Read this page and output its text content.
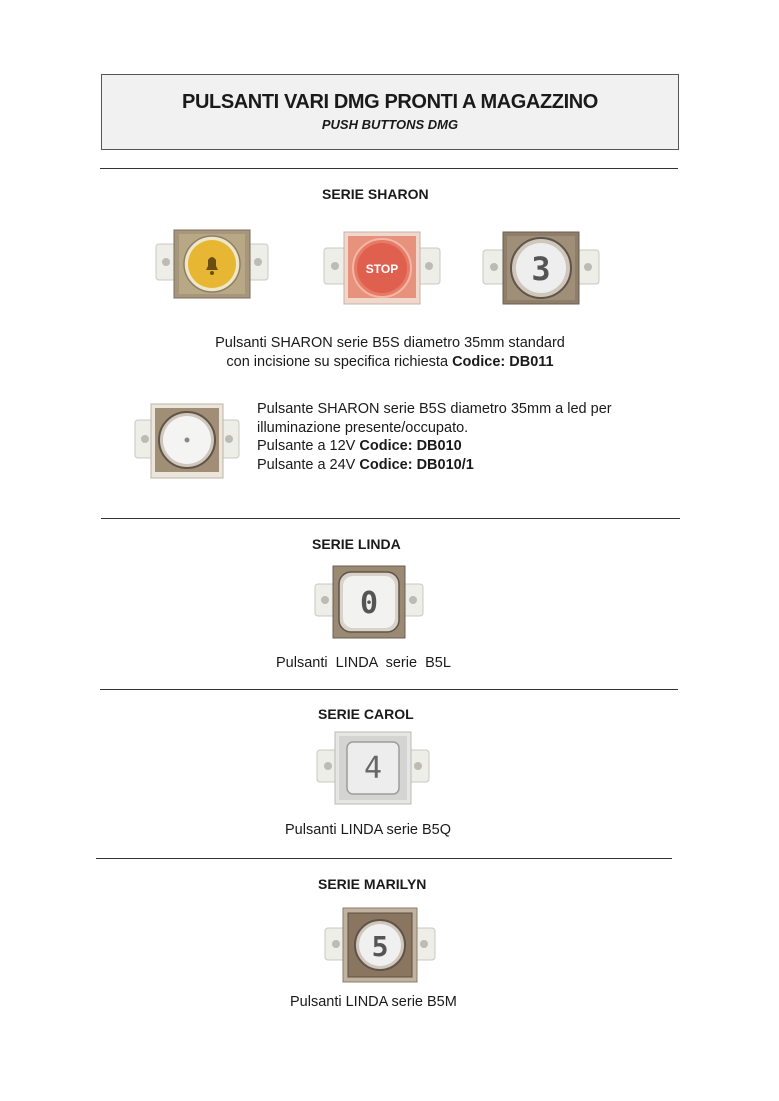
PULSANTI VARI DMG PRONTI A MAGAZZINO
PUSH BUTTONS DMG
SERIE SHARON
STOP	3
Pulsanti SHARON serie B5S diametro 35mm standard
con incisione su specifica richiesta Codice: DB011
Pulsante SHARON serie B5S diametro 35mm a led per
illuminazione presente/occupato.
Pulsante a 12V Codice: DB010
Pulsante a 24V Codice: DB010/1
SERIE LINDA
0
Pulsanti  LINDA  serie  B5L
SERIE CAROL
4
Pulsanti LINDA serie B5Q
SERIE MARILYN
5
Pulsanti LINDA serie B5M
